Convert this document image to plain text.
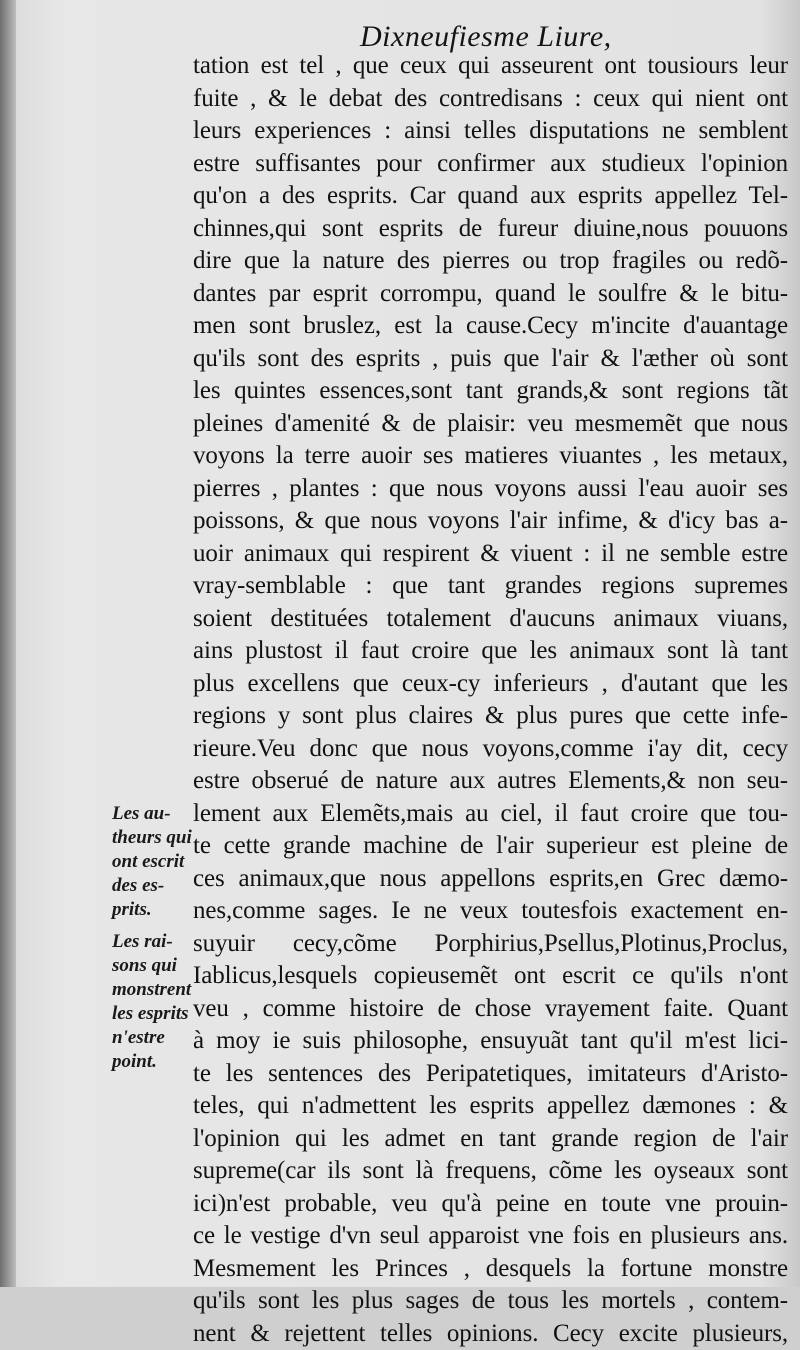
Dixneufiesme Liure,
tation est tel , que ceux qui asseurent ont tousiours leur
fuite , & le debat des contredisans : ceux qui nient ont
leurs experiences : ainsi telles disputations ne semblent
estre suffisantes pour confirmer aux studieux l'opinion
qu'on a des esprits. Car quand aux esprits appellez Tel-
chinnes,qui sont esprits de fureur diuine,nous pouuons
dire que la nature des pierres ou trop fragiles ou redõ-
dantes par esprit corrompu, quand le soulfre & le bitu-
men sont bruslez, est la cause.Cecy m'incite d'auantage
qu'ils sont des esprits , puis que l'air & l'æther où sont
les quintes essences,sont tant grands,& sont regions tãt
pleines d'amenité & de plaisir: veu mesmemẽt que nous
voyons la terre auoir ses matieres viuantes , les metaux,
pierres , plantes : que nous voyons aussi l'eau auoir ses
poissons, & que nous voyons l'air infime, & d'icy bas a-
uoir animaux qui respirent & viuent : il ne semble estre
vray-semblable : que tant grandes regions supremes
soient destituées totalement d'aucuns animaux viuans,
ains plustost il faut croire que les animaux sont là tant
plus excellens que ceux-cy inferieurs , d'autant que les
regions y sont plus claires & plus pures que cette infe-
rieure.Veu donc que nous voyons,comme i'ay dit, cecy
estre obserué de nature aux autres Elements,& non seu-
lement aux Elemẽts,mais au ciel, il faut croire que tou-
te cette grande machine de l'air superieur est pleine de
ces animaux,que nous appellons esprits,en Grec dæmo-
nes,comme sages. Ie ne veux toutesfois exactement en-
suyuir cecy,cõme Porphirius,Psellus,Plotinus,Proclus,
Iablicus,lesquels copieusemẽt ont escrit ce qu'ils n'ont
veu , comme histoire de chose vrayement faite. Quant
à moy ie suis philosophe, ensuyuãt tant qu'il m'est lici-
te les sentences des Peripatetiques, imitateurs d'Aristo-
teles, qui n'admettent les esprits appellez dæmones : &
l'opinion qui les admet en tant grande region de l'air
supreme(car ils sont là frequens, cõme les oyseaux sont
ici)n'est probable, veu qu'à peine en toute vne prouin-
ce le vestige d'vn seul apparoist vne fois en plusieurs ans.
Mesmement les Princes , desquels la fortune monstre
qu'ils sont les plus sages de tous les mortels , contem-
nent & rejettent telles opinions. Cecy excite plusieurs,
Les au-
theurs qui
ont escrit
des es-
prits.
Les rai-
sons qui
monstrent
les esprits
n'estre
point.
